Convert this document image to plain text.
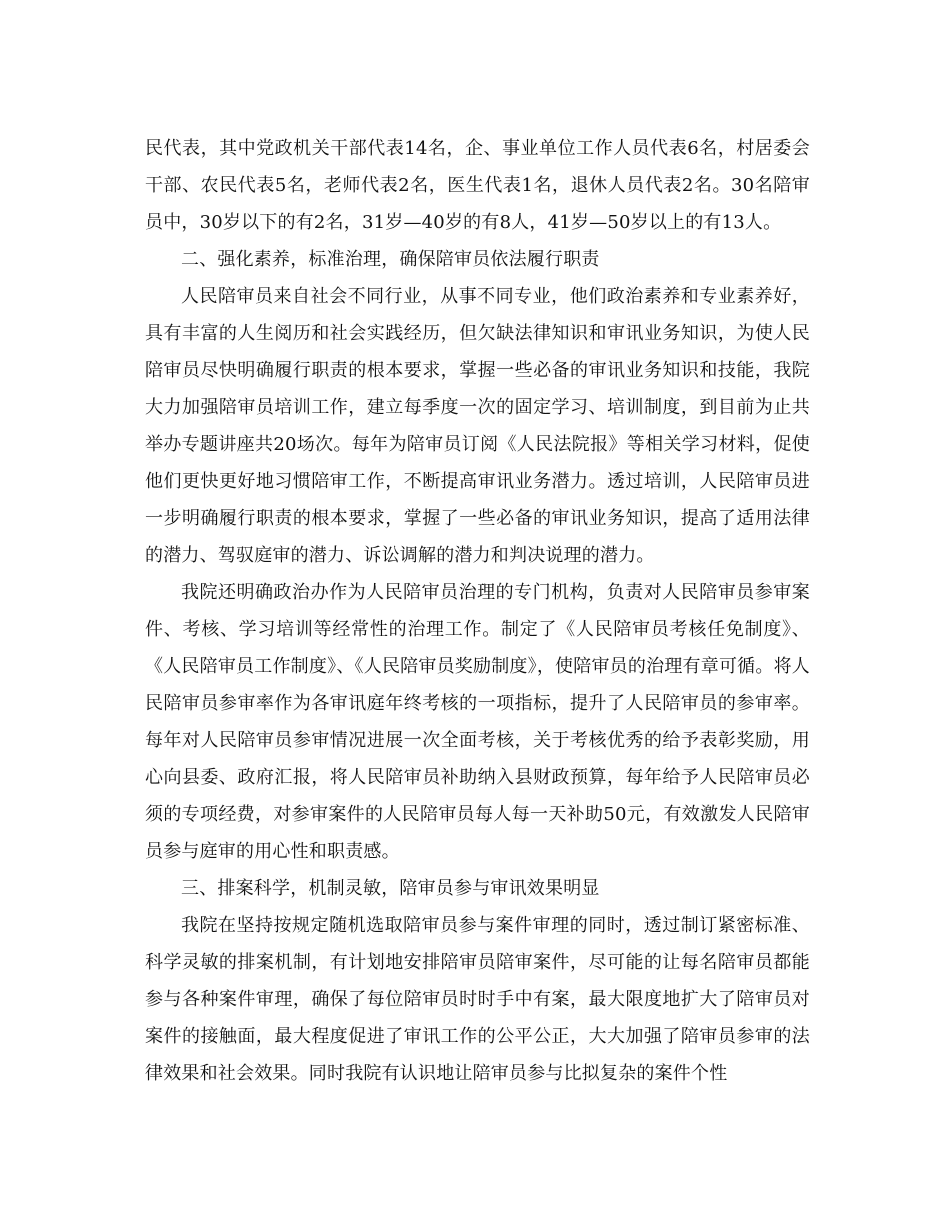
民代表，其中党政机关干部代表14名，企、事业单位工作人员代表6名，村居委会干部、农民代表5名，老师代表2名，医生代表1名，退休人员代表2名。30名陪审员中，30岁以下的有2名，31岁—40岁的有8人，41岁—50岁以上的有13人。

二、强化素养，标准治理，确保陪审员依法履行职责

人民陪审员来自社会不同行业，从事不同专业，他们政治素养和专业素养好，具有丰富的人生阅历和社会实践经历，但欠缺法律知识和审讯业务知识，为使人民陪审员尽快明确履行职责的根本要求，掌握一些必备的审讯业务知识和技能，我院大力加强陪审员培训工作，建立每季度一次的固定学习、培训制度，到目前为止共举办专题讲座共20场次。每年为陪审员订阅《人民法院报》等相关学习材料，促使他们更快更好地习惯陪审工作，不断提高审讯业务潜力。透过培训，人民陪审员进一步明确履行职责的根本要求，掌握了一些必备的审讯业务知识，提高了适用法律的潜力、驾驭庭审的潜力、诉讼调解的潜力和判决说理的潜力。

我院还明确政治办作为人民陪审员治理的专门机构，负责对人民陪审员参审案件、考核、学习培训等经常性的治理工作。制定了《人民陪审员考核任免制度》、《人民陪审员工作制度》、《人民陪审员奖励制度》，使陪审员的治理有章可循。将人民陪审员参审率作为各审讯庭年终考核的一项指标，提升了人民陪审员的参审率。每年对人民陪审员参审情况进展一次全面考核，关于考核优秀的给予表彰奖励，用心向县委、政府汇报，将人民陪审员补助纳入县财政预算，每年给予人民陪审员必须的专项经费，对参审案件的人民陪审员每人每一天补助50元，有效激发人民陪审员参与庭审的用心性和职责感。

三、排案科学，机制灵敏，陪审员参与审讯效果明显

我院在坚持按规定随机选取陪审员参与案件审理的同时，透过制订紧密标准、科学灵敏的排案机制，有计划地安排陪审员陪审案件，尽可能的让每名陪审员都能参与各种案件审理，确保了每位陪审员时时手中有案，最大限度地扩大了陪审员对案件的接触面，最大程度促进了审讯工作的公平公正，大大加强了陪审员参审的法律效果和社会效果。同时我院有认识地让陪审员参与比拟复杂的案件个性
